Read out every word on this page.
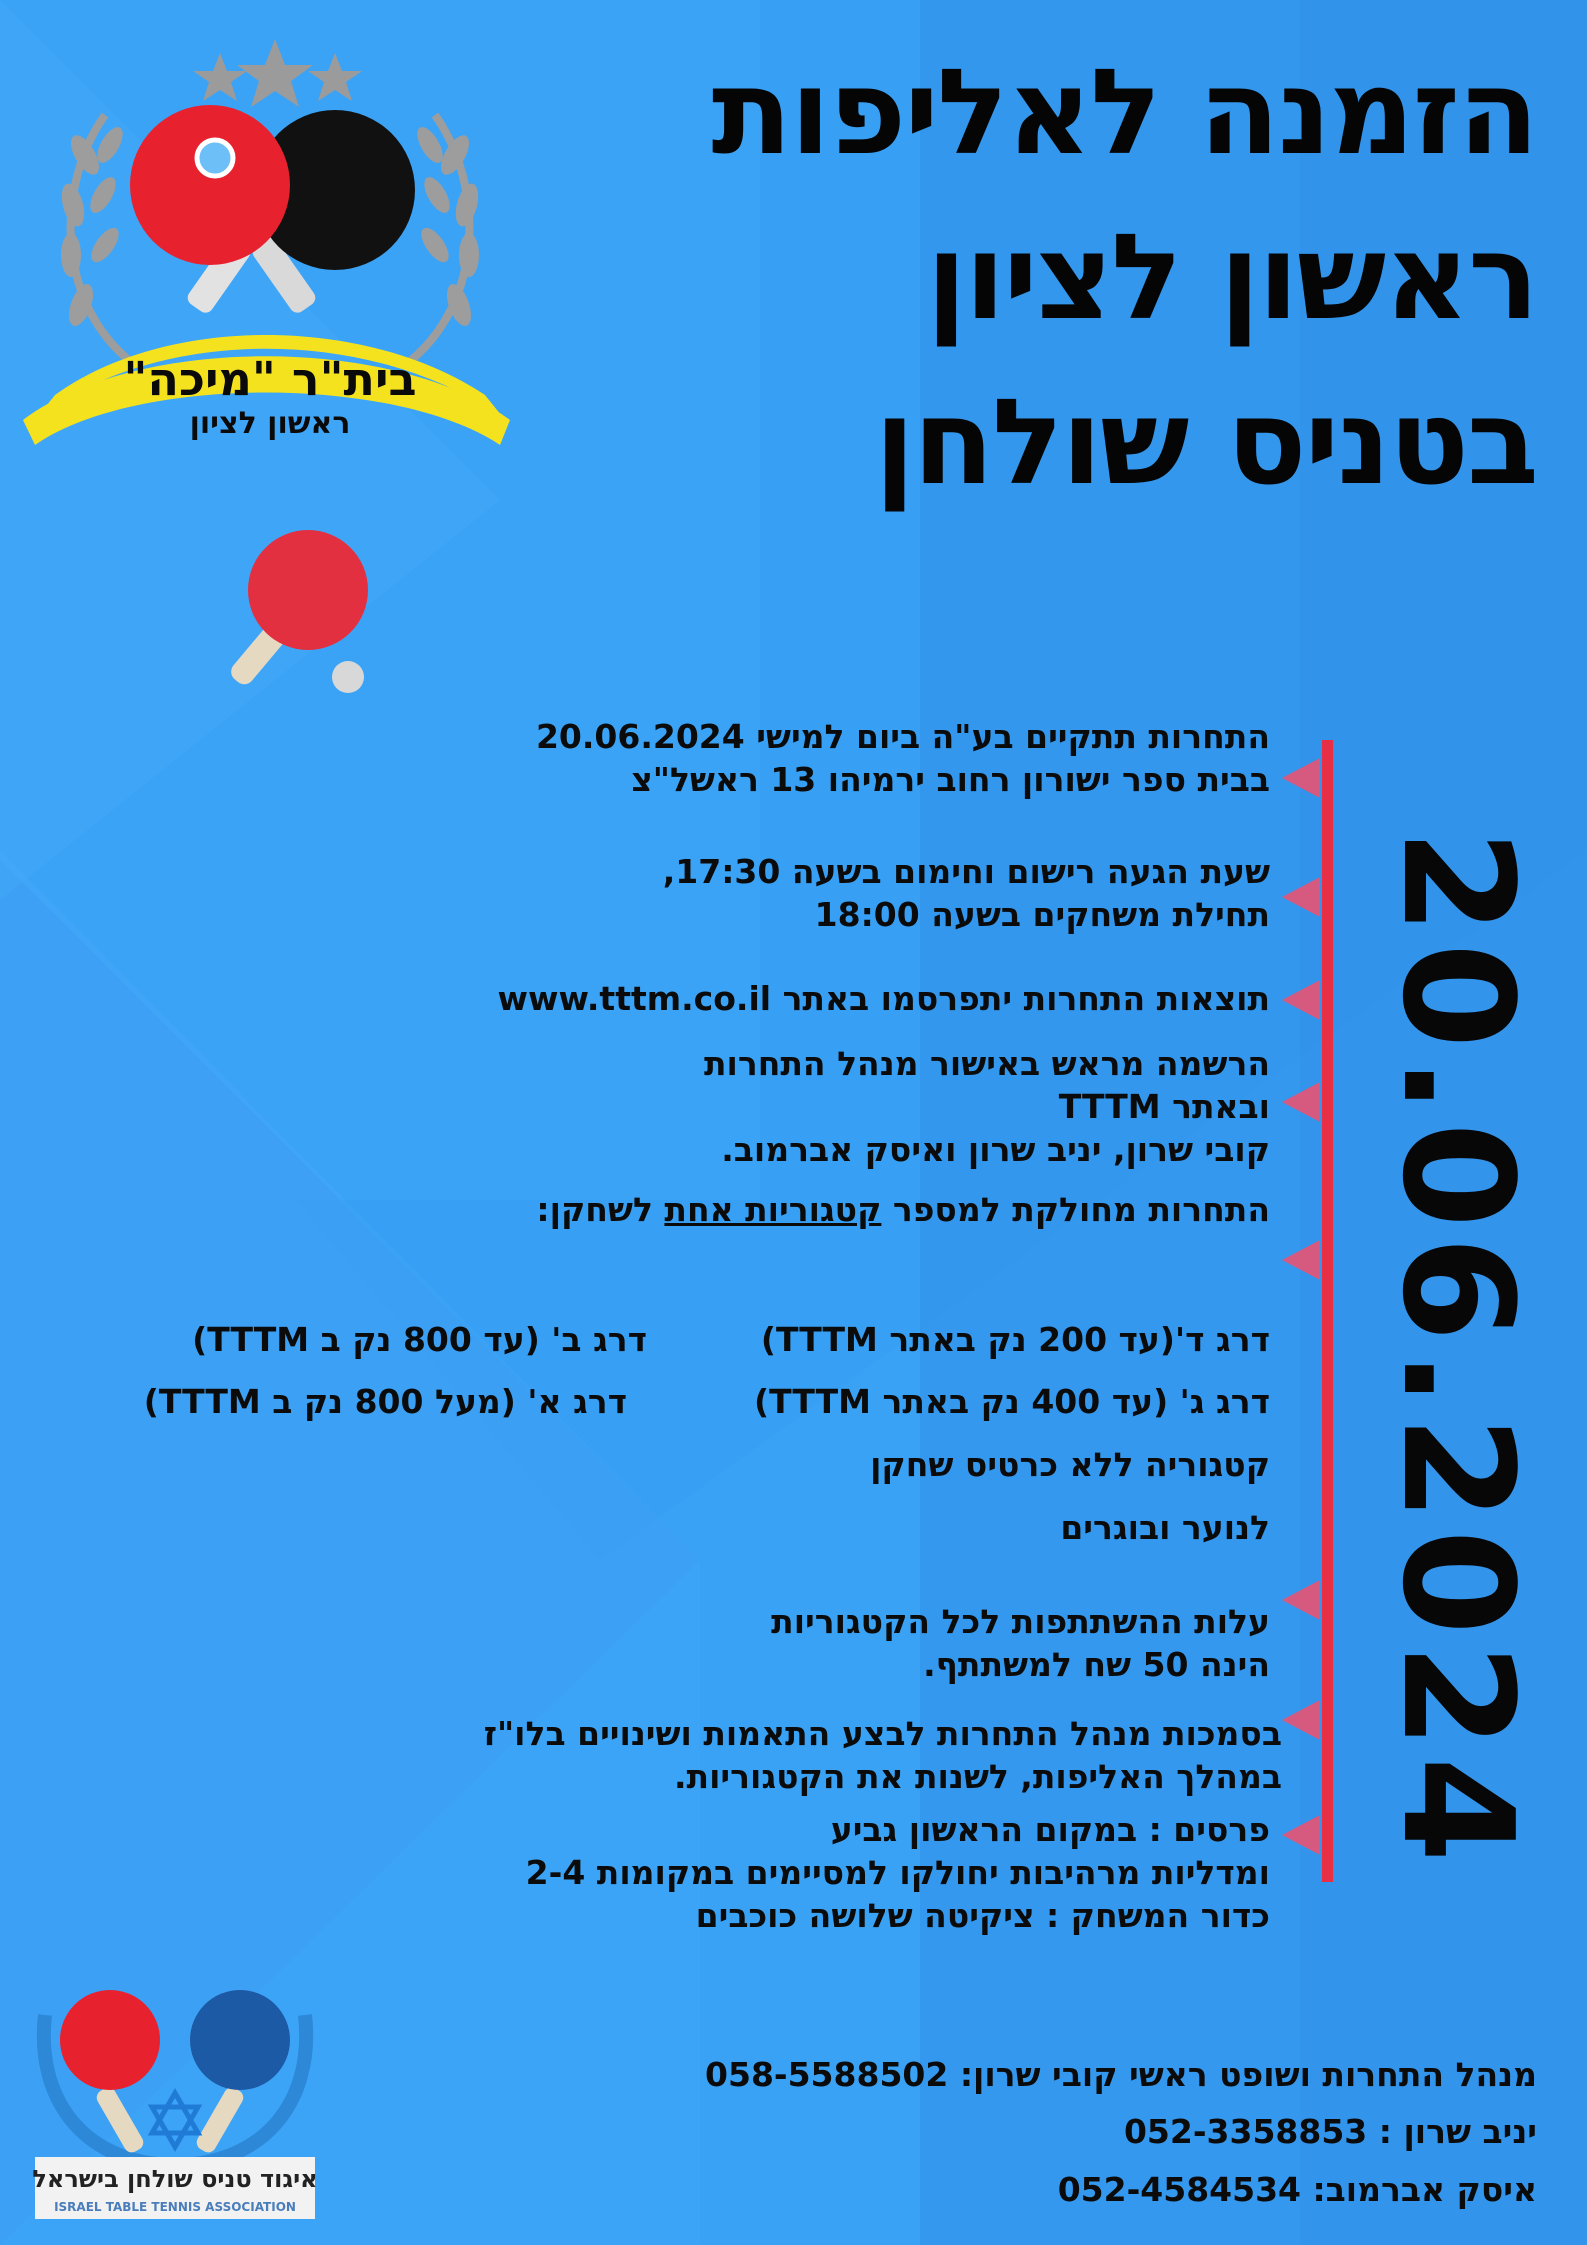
בית"ר "מיכה"
ראשון לציון
הזמנה לאליפות
ראשון לציון
בטניס שולחן
20.06.2024
התחרות תתקיים בע"ה ביום למישי 20.06.2024
בבית ספר ישורון רחוב ירמיהו 13 ראשל"צ
שעת הגעה רישום וחימום בשעה 17:30,
תחילת משחקים בשעה 18:00
תוצאות התחרות יתפרסמו באתר www.tttm.co.il
הרשמה מראש באישור מנהל התחרות
ובאתר TTTM
קובי שרון, יניב שרון ואיסק אברמוב.
התחרות מחולקת למספר קטגוריות אחת לשחקן:
דרג ד'(עד 200 נק באתר TTTM)
דרג ב' (עד 800 נק ב TTTM)
דרג ג' (עד 400 נק באתר TTTM)
דרג א' (מעל 800 נק ב TTTM)
קטגוריה ללא כרטיס שחקן
לנוער ובוגרים
עלות ההשתתפות לכל הקטגוריות
הינה 50 שח למשתתף.
בסמכות מנהל התחרות לבצע התאמות ושינויים בלו"ז
במהלך האליפות, לשנות את הקטגוריות.
פרסים : במקום הראשון גביע
ומדליות מרהיבות יחולקו למסיימים במקומות 2-4
כדור המשחק : ציקיטה שלושה כוכבים
מנהל התחרות ושופט ראשי קובי שרון: 058-5588502
יניב שרון : 052-3358853
איסק אברמוב: 052-4584534
איגוד טניס שולחן בישראל
ISRAEL TABLE TENNIS ASSOCIATION
